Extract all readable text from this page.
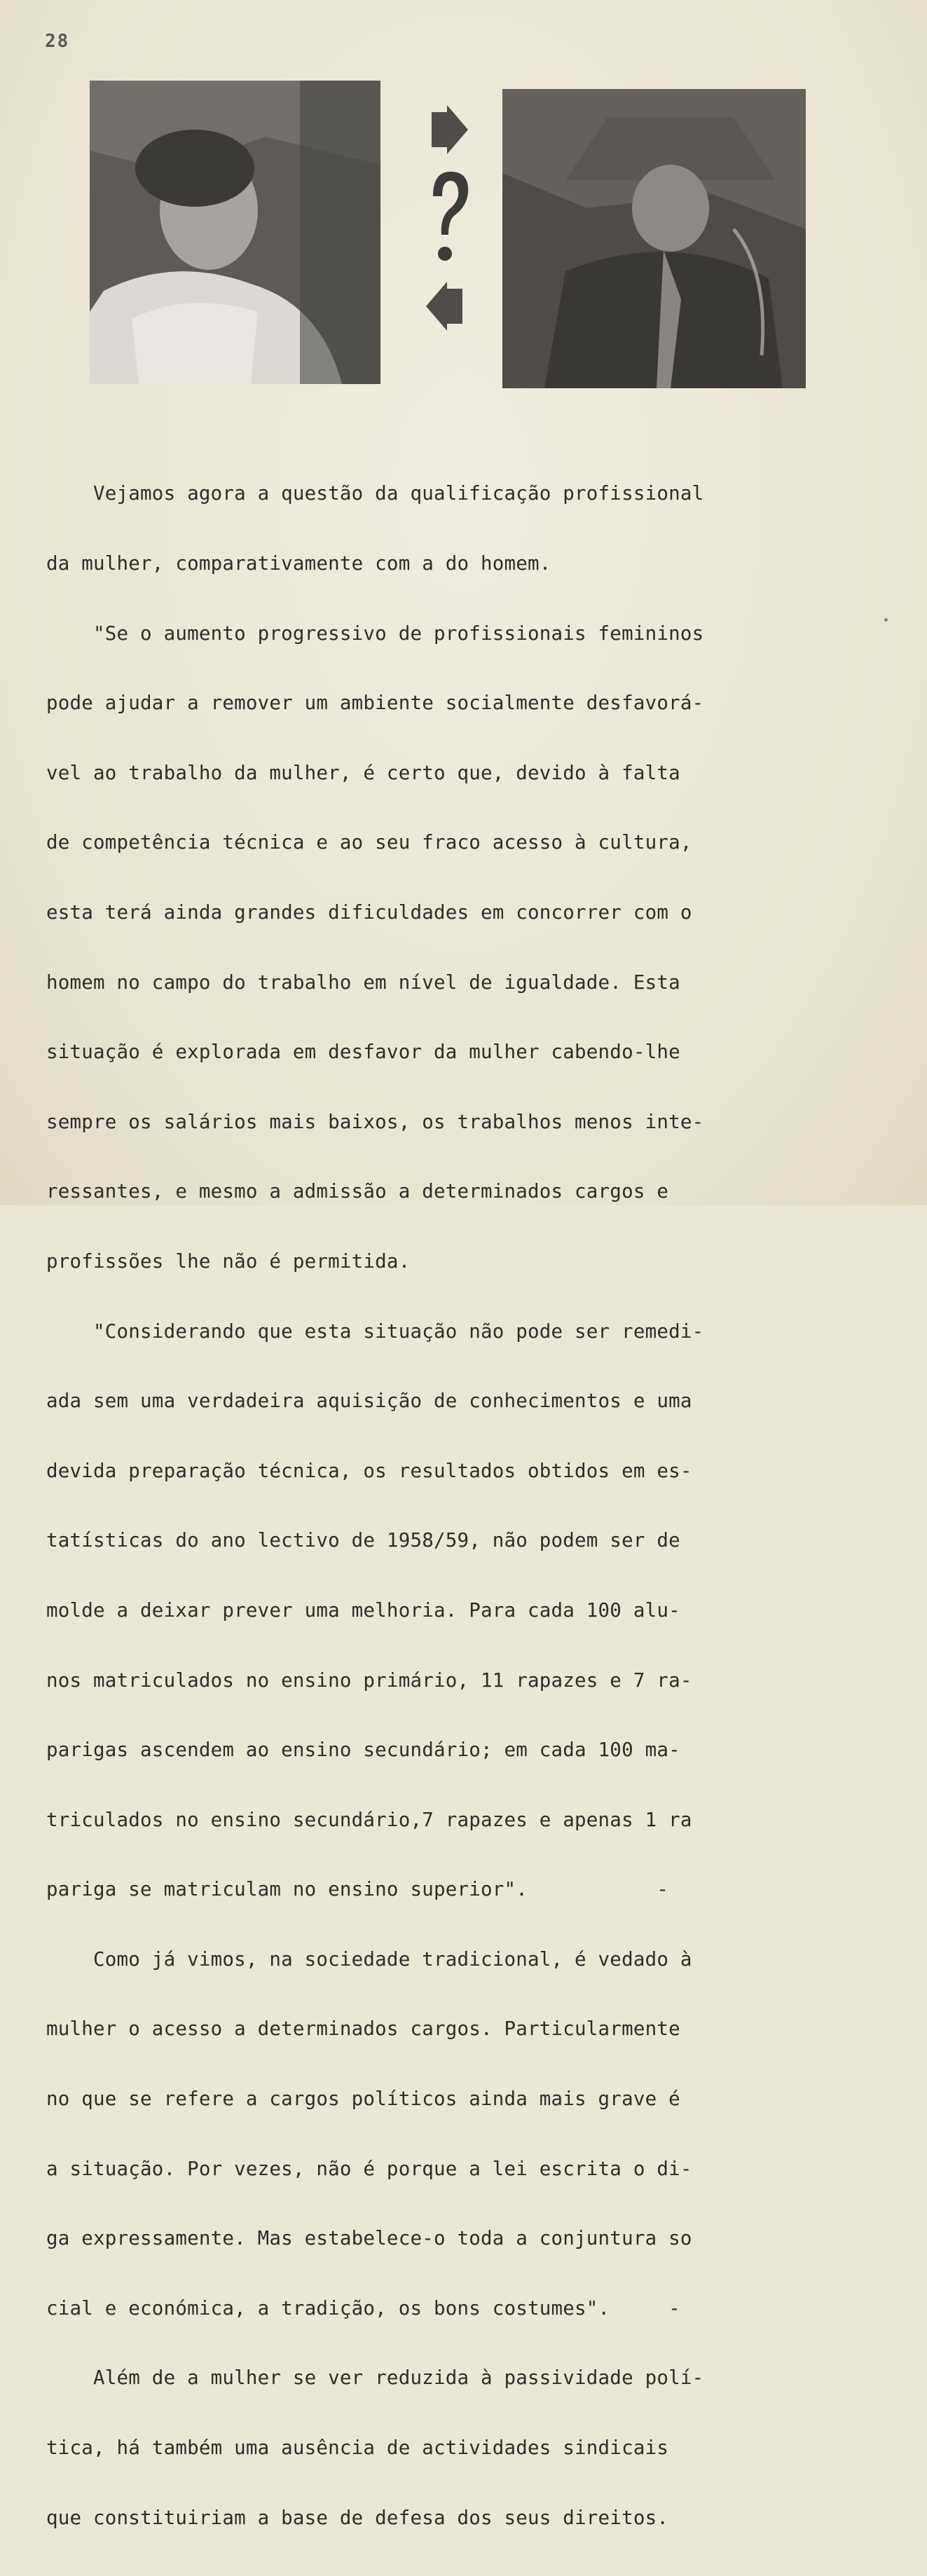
28

Vejamos agora a questão da qualificação profissional

da mulher, comparativamente com a do homem.

"Se o aumento progressivo de profissionais femininos

pode ajudar a remover um ambiente socialmente desfavorá-

vel ao trabalho da mulher, é certo que, devido à falta

de competência técnica e ao seu fraco acesso à cultura,

esta terá ainda grandes dificuldades em concorrer com o

homem no campo do trabalho em nível de igualdade. Esta

situação é explorada em desfavor da mulher cabendo-lhe

sempre os salários mais baixos, os trabalhos menos inte-

ressantes, e mesmo a admissão a determinados cargos e

profissões lhe não é permitida.

"Considerando que esta situação não pode ser remedi-

ada sem uma verdadeira aquisição de conhecimentos e uma

devida preparação técnica, os resultados obtidos em es-

tatísticas do ano lectivo de 1958/59, não podem ser de

molde a deixar prever uma melhoria. Para cada 100 alu-

nos matriculados no ensino primário, 11 rapazes e 7 ra-

parigas ascendem ao ensino secundário; em cada 100 ma-

triculados no ensino secundário,7 rapazes e apenas 1 ra

pariga se matriculam no ensino superior".           -

Como já vimos, na sociedade tradicional, é vedado à

mulher o acesso a determinados cargos. Particularmente

no que se refere a cargos políticos ainda mais grave é

a situação. Por vezes, não é porque a lei escrita o di-

ga expressamente. Mas estabelece-o toda a conjuntura so

cial e económica, a tradição, os bons costumes".     -

Além de a mulher se ver reduzida à passividade polí-

tica, há também uma ausência de actividades sindicais

que constituiriam a base de defesa dos seus direitos.
